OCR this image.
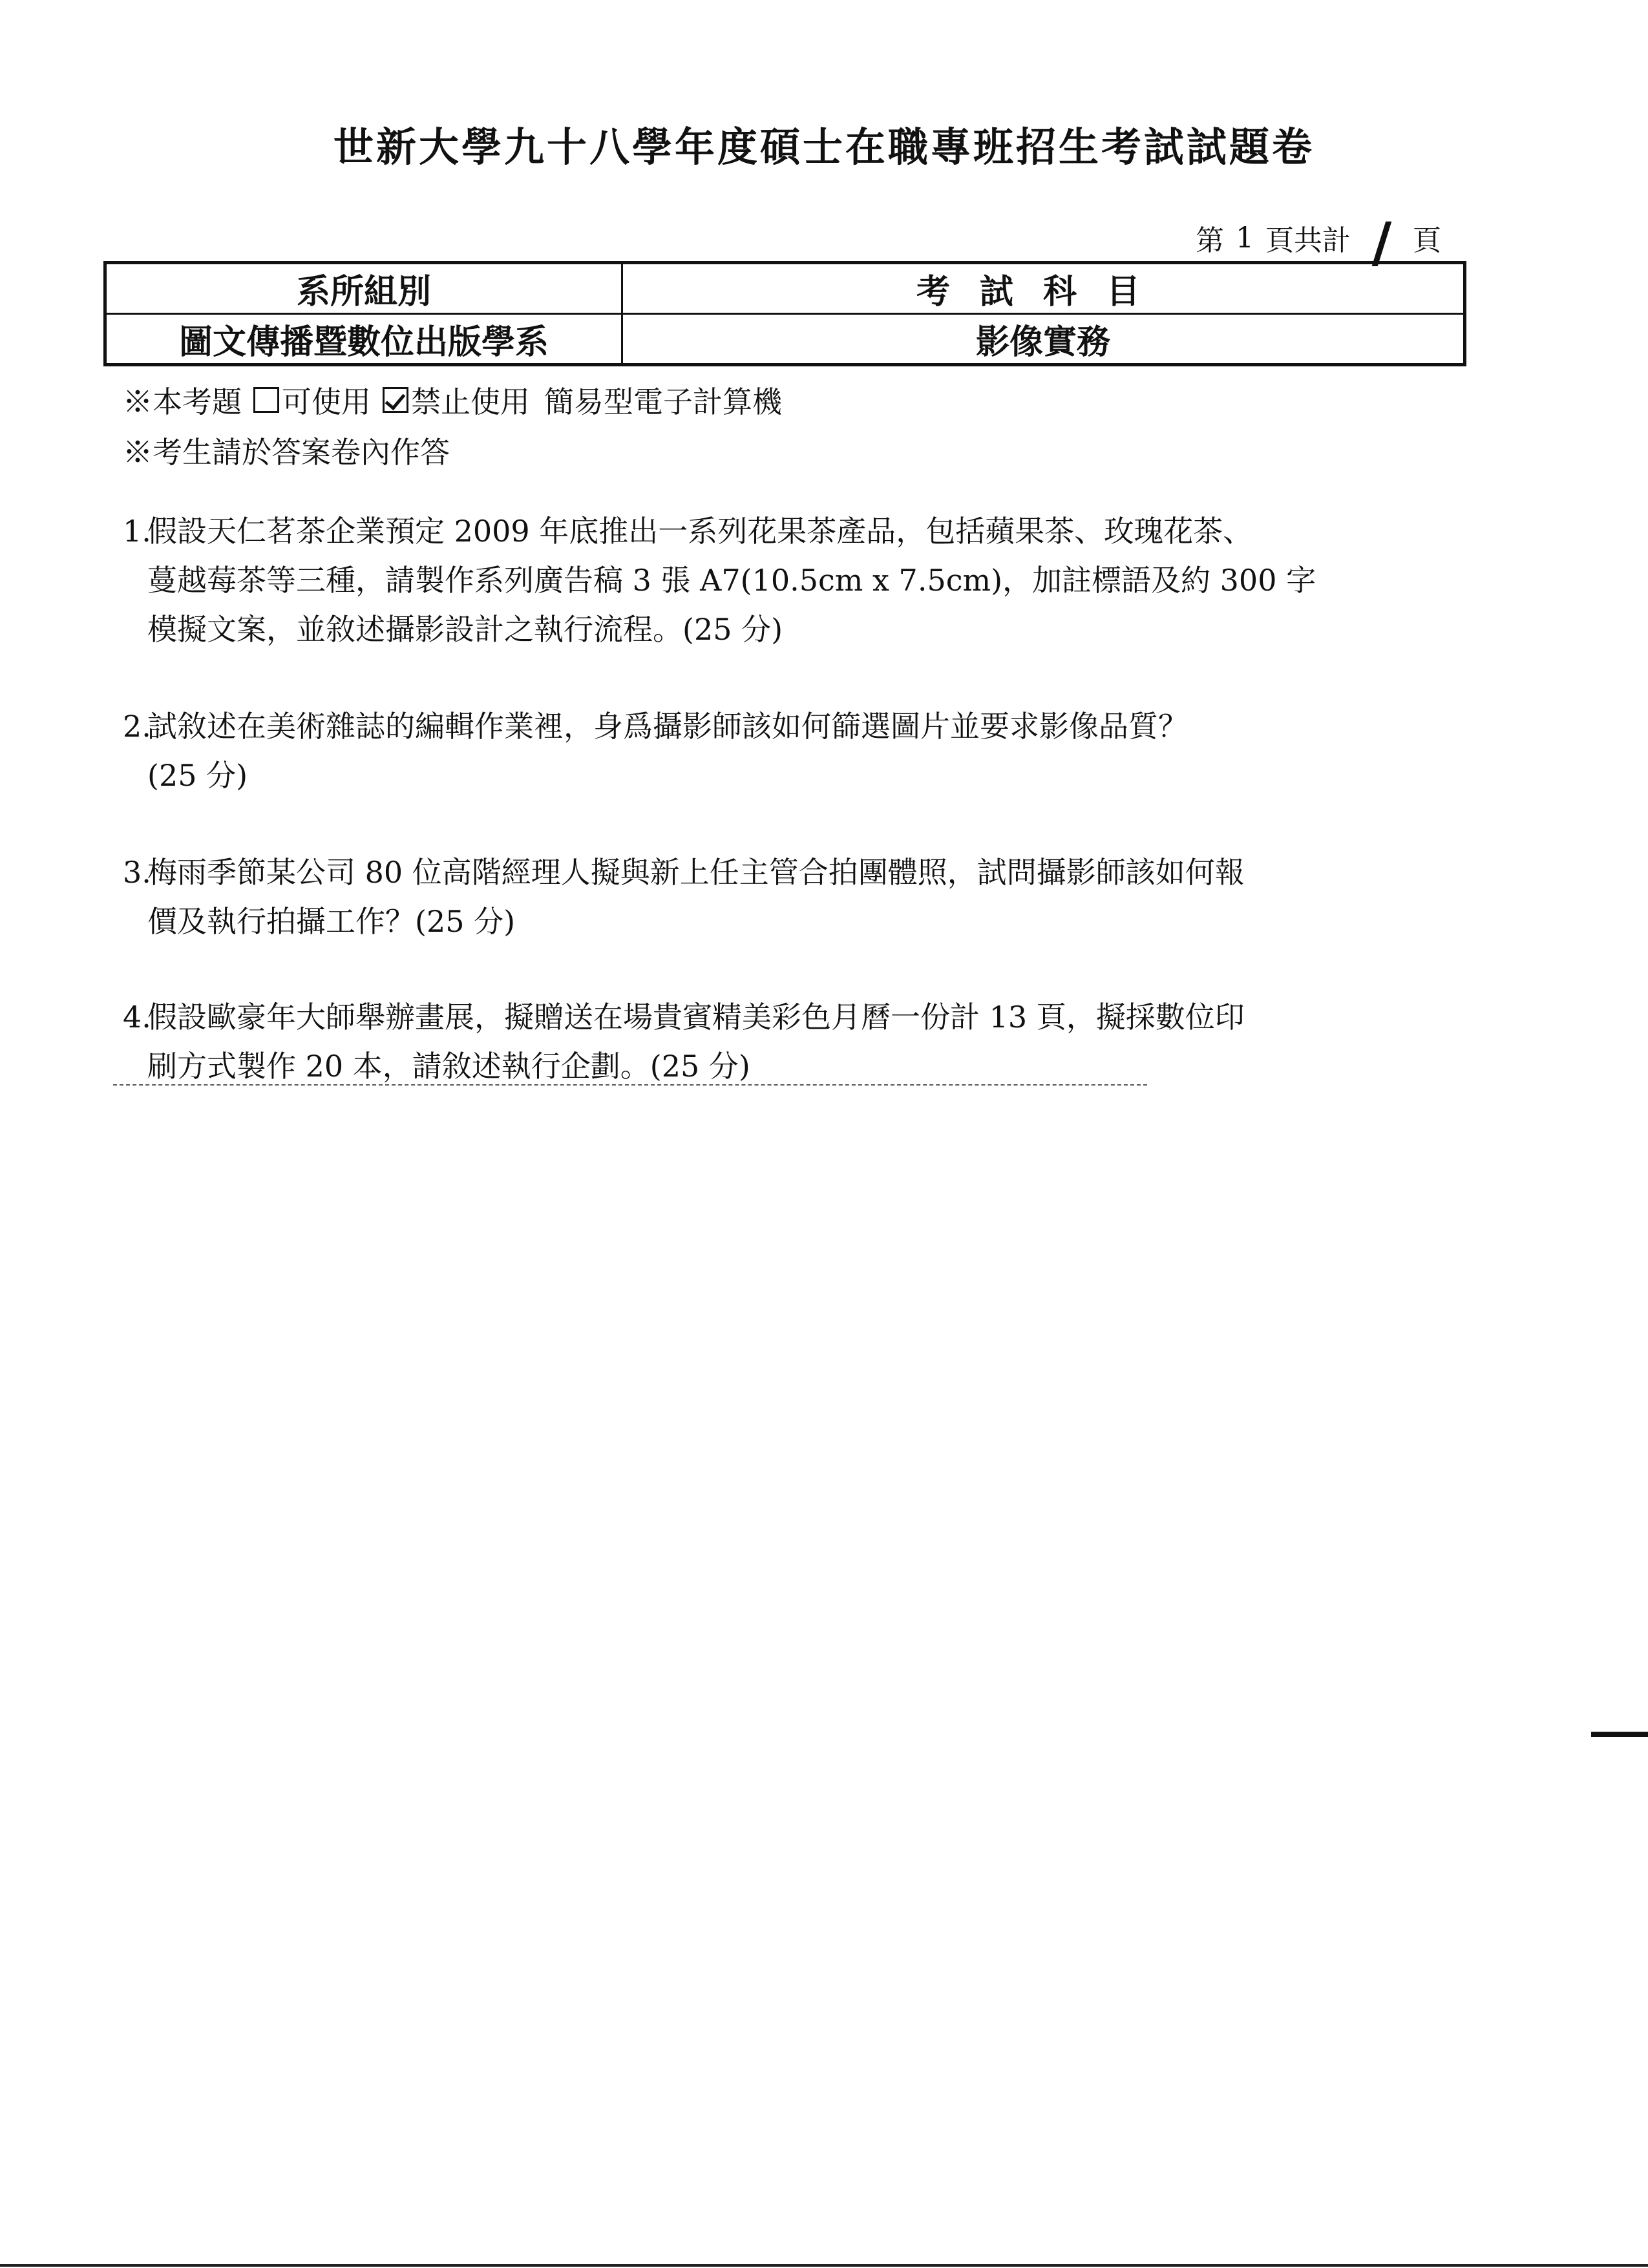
世新大學九十八學年度碩士在職專班招生考試試題卷
第 1 頁共計 / 頁
系所組別	考試科目
圖文傳播暨數位出版學系	影像實務
※本考題 可使用 禁止使用 簡易型電子計算機
※考生請於答案卷內作答
1.
假設天仁茗茶企業預定 2009 年底推出一系列花果茶產品，包括蘋果茶、玫瑰花茶、
蔓越莓茶等三種，請製作系列廣告稿 3 張 A7(10.5cm x 7.5cm)，加註標語及約 300 字
模擬文案，並敘述攝影設計之執行流程。(25 分)
2.
試敘述在美術雜誌的編輯作業裡，身爲攝影師該如何篩選圖片並要求影像品質？
(25 分)
3.
梅雨季節某公司 80 位高階經理人擬與新上任主管合拍團體照，試問攝影師該如何報
價及執行拍攝工作？(25 分)
4.
假設歐豪年大師舉辦畫展，擬贈送在場貴賓精美彩色月曆一份計 13 頁，擬採數位印
刷方式製作 20 本，請敘述執行企劃。(25 分)
